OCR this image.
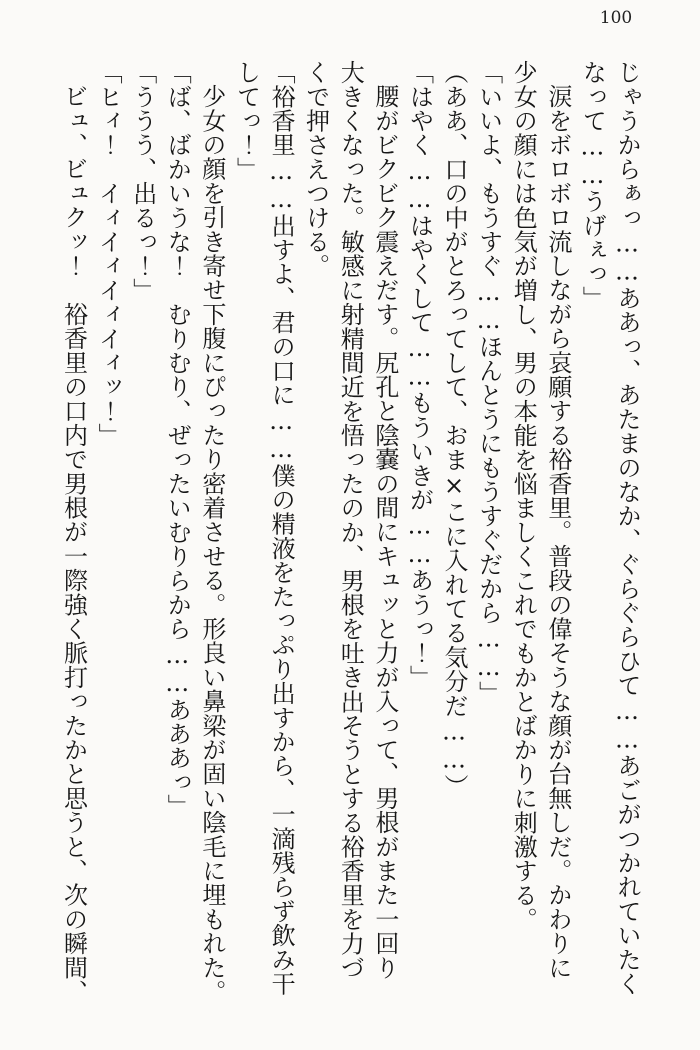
100
じゃうからぁっ……ああっ、あたまのなか、ぐらぐらひて……あごがつかれていたく
なって……うげぇっ」
涙をボロボロ流しながら哀願する裕香里。普段の偉そうな顔が台無しだ。かわりに
少女の顔には色気が増し、男の本能を悩ましくこれでもかとばかりに刺激する。
「いいよ、もうすぐ……ほんとうにもうすぐだから……」
（ああ、口の中がとろってして、おま×こに入れてる気分だ……）
「はやく……はやくして……もういきが……あうっ！」
腰がビクビク震えだす。尻孔と陰嚢の間にキュッと力が入って、男根がまた一回り
大きくなった。敏感に射精間近を悟ったのか、男根を吐き出そうとする裕香里を力づ
くで押さえつける。
「裕香里……出すよ、君の口に……僕の精液をたっぷり出すから、一滴残らず飲み干
してっ！」
少女の顔を引き寄せ下腹にぴったり密着させる。形良い鼻梁が固い陰毛に埋もれた。
「ば、ばかいうな！　むりむり、ぜったいむりらから……あああっ」
「ううう、出るっ！」
「ヒィ！　イィイィイィイィッ！」
ビュ、ビュクッ！　裕香里の口内で男根が一際強く脈打ったかと思うと、次の瞬間、
